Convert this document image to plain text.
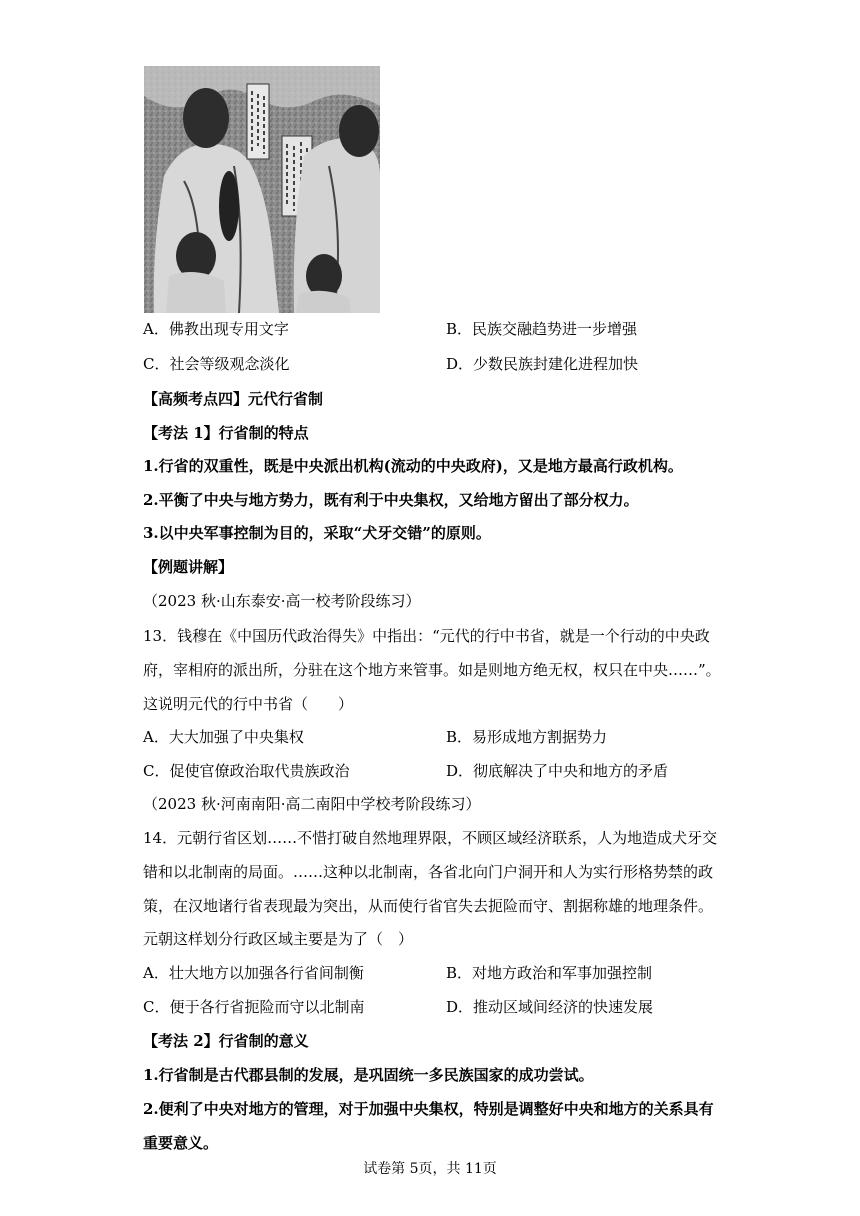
A．佛教出现专用文字	B．民族交融趋势进一步增强
C．社会等级观念淡化	D．少数民族封建化进程加快
【高频考点四】元代行省制
【考法 1】行省制的特点
1.行省的双重性，既是中央派出机构(流动的中央政府)，又是地方最高行政机构。
2.平衡了中央与地方势力，既有利于中央集权，又给地方留出了部分权力。
3.以中央军事控制为目的，采取“犬牙交错”的原则。
【例题讲解】
（2023 秋·山东泰安·高一校考阶段练习）
13．钱穆在《中国历代政治得失》中指出：“元代的行中书省，就是一个行动的中央政
府，宰相府的派出所，分驻在这个地方来管事。如是则地方绝无权，权只在中央……”。
这说明元代的行中书省（　　）
A．大大加强了中央集权	B．易形成地方割据势力
C．促使官僚政治取代贵族政治	D．彻底解决了中央和地方的矛盾
（2023 秋·河南南阳·高二南阳中学校考阶段练习）
14．元朝行省区划……不惜打破自然地理界限，不顾区域经济联系，人为地造成犬牙交
错和以北制南的局面。……这种以北制南，各省北向门户洞开和人为实行形格势禁的政
策，在汉地诸行省表现最为突出，从而使行省官失去扼险而守、割据称雄的地理条件。
元朝这样划分行政区域主要是为了（　）
A．壮大地方以加强各行省间制衡	B．对地方政治和军事加强控制
C．便于各行省扼险而守以北制南	D．推动区域间经济的快速发展
【考法 2】行省制的意义
1.行省制是古代郡县制的发展，是巩固统一多民族国家的成功尝试。
2.便利了中央对地方的管理，对于加强中央集权，特别是调整好中央和地方的关系具有
重要意义。
试卷第 5页，共 11页
